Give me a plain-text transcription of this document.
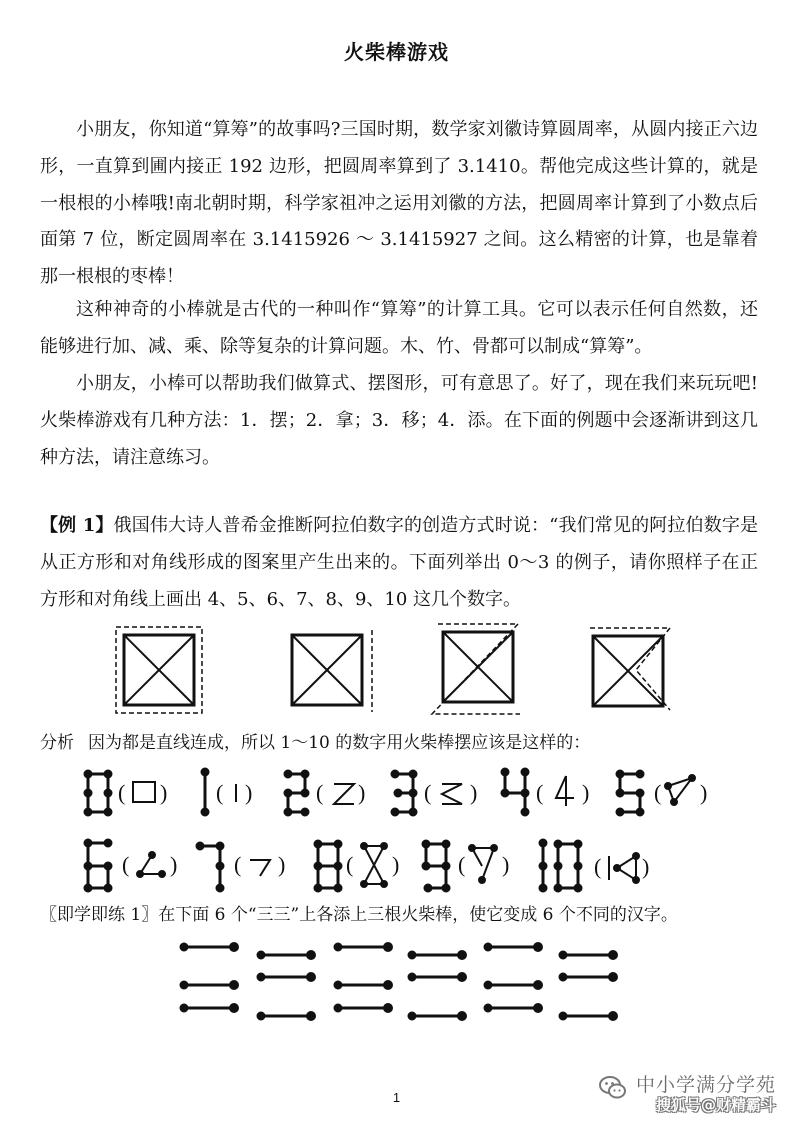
火柴棒游戏

小朋友，你知道“算筹”的故事吗?三国时期，数学家刘徽诗算圆周率，从圆内接正六边形，一直算到圃内接正 192 边形，把圆周率算到了 3.1410。帮他完成这些计算的，就是一根根的小棒哦!南北朝时期，科学家祖冲之运用刘徽的方法，把圆周率计算到了小数点后面第 7 位，断定圆周率在 3.1415926 ～ 3.1415927 之间。这么精密的计算，也是靠着那一根根的枣棒！

这种神奇的小棒就是古代的一种叫作“算筹”的计算工具。它可以表示任何自然数，还能够进行加、减、乘、除等复杂的计算问题。木、竹、骨都可以制成“算筹”。

小朋友，小棒可以帮助我们做算式、摆图形，可有意思了。好了，现在我们来玩玩吧!火柴棒游戏有几种方法：1．摆；2．拿；3．移；4．添。在下面的例题中会逐渐讲到这几种方法，请注意练习。

【例 1】俄国伟大诗人普希金推断阿拉伯数字的创造方式时说：“我们常见的阿拉伯数字是从正方形和对角线形成的图案里产生出来的。下面列举出 0～3 的例子，请你照样子在正方形和对角线上画出 4、5、6、7、8、9、10 这几个数字。

( ) ( )	( )	( )	( )	( )
( )	( )	( )	( )	( )
分析 因为都是直线连成，所以 1～10 的数字用火柴棒摆应该是这样的：
〖即学即练 1〗在下面 6 个“三三”上各添上三根火柴棒，使它变成 6 个不同的汉字。
1
中小学满分学苑
搜狐号@财精霸斗
